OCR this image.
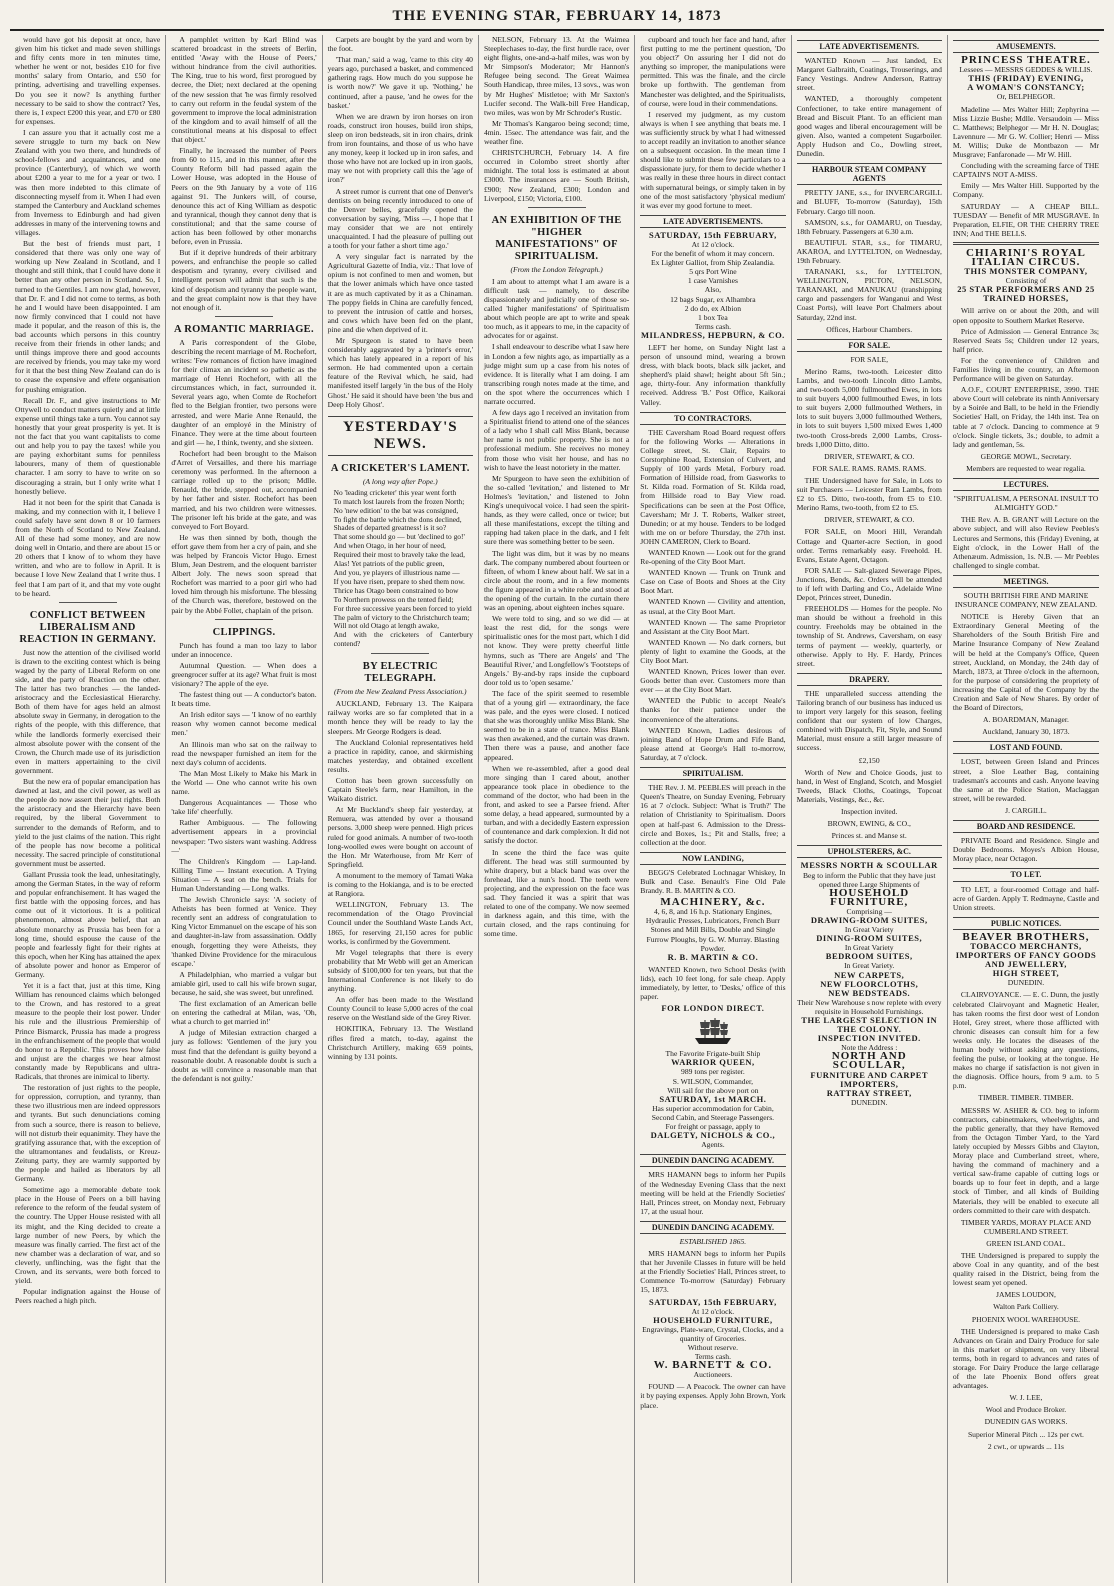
THE EVENING STAR, FEBRUARY 14, 1873

would have got his deposit at once, have given him his ticket and made seven shillings and fifty cents more in ten minutes time, whether he went or not, besides £10 for five months' salary from Ontario, and £50 for printing, advertising and travelling expenses. Do you see it now? Is anything further necessary to be said to show the contract? Yes, there is, I expect £200 this year, and £70 or £80 for expenses.

I can assure you that it actually cost me a severe struggle to turn my back on New Zealand with you two there, and hundreds of school-fellows and acquaintances, and one province (Canterbury), of which we worth about £200 a year to me for a year or two. I was then more indebted to this climate of disconnecting myself from it. When I had even stamped the Canterbury and Auckland schemes from Inverness to Edinburgh and had given addresses in many of the intervening towns and villages.

But the best of friends must part, I considered that there was only one way of working up New Zealand in Scotland, and I thought and still think, that I could have done it better than any other person in Scotland. So, I turned to the Gentiles. I am now glad, however, that Dr. F. and I did not come to terms, as both he and I would have been disappointed. I am now firmly convinced that I could not have made it popular, and the reason of this is, the bad accounts which persons in this country receive from their friends in other lands; and until things improve there and good accounts are received by friends, you may take my word for it that the best thing New Zealand can do is to cease the expensive and effete organisation for pushing emigration.

Recall Dr. F., and give instructions to Mr Ottywell to conduct matters quietly and at little expense until things take a turn. You cannot say honestly that your great prosperity is yet. It is not the fact that you want capitalists to come out and help you to pay the taxes! while you are paying exhorbitant sums for penniless labourers, many of them of questionable character. I am sorry to have to write on so discouraging a strain, but I only write what I honestly believe.

Had it not been for the spirit that Canada is making, and my connection with it, I believe I could safely have sent down 8 or 10 farmers from the North of Scotland to New Zealand. All of these had some money, and are now doing well in Ontario, and there are about 15 or 20 others that I know of to whom they have written, and who are to follow in April. It is because I love New Zealand that I write thus. I feel that I am part of it, and that my vote ought to be heard.

CONFLICT BETWEEN LIBERALISM AND REACTION IN GERMANY.

Just now the attention of the civilised world is drawn to the exciting contest which is being waged by the party of Liberal Reform on one side, and the party of Reaction on the other. The latter has two branches — the landed-aristocracy and the Ecclesiastical Hierarchy. Both of them have for ages held an almost absolute sway in Germany, in derogation to the rights of the people, with this difference, that while the landlords formerly exercised their almost absolute power with the consent of the Crown, the Church made use of its jurisdiction even in matters appertaining to the civil government.

But the new era of popular emancipation has dawned at last, and the civil power, as well as the people do now assert their just rights. Both the aristocracy and the Hierarchy have been required, by the liberal Government to surrender to the demands of Reform, and to yield to the just claims of the nation. This right of the people has now become a political necessity. The sacred principle of constitutional government must be asserted.

Gallant Prussia took the lead, unhesitatingly, among the German States, in the way of reform and popular enfranchisement. It has waged the first battle with the opposing forces, and has come out of it victorious. It is a political phenomenon, almost above belief, that an absolute monarchy as Prussia has been for a long time, should espouse the cause of the people and fearlessly fight for their rights at this epoch, when her King has attained the apex of absolute power and honor as Emperor of Germany.

Yet it is a fact that, just at this time, King William has renounced claims which belonged to the Crown, and has restored to a great measure to the people their lost power. Under his rule and the illustrious Premiership of Prince Bismarck, Prussia has made a progress in the enfranchisement of the people that would do honor to a Republic. This proves how false and unjust are the charges we hear almost constantly made by Republicans and ultra-Radicals, that thrones are inimical to liberty.

The restoration of just rights to the people, for oppression, corruption, and tyranny, than these two illustrious men are indeed oppressors and tyrants. But such denunciations coming from such a source, there is reason to believe, will not disturb their equanimity. They have the gratifying assurance that, with the exception of the ultramontanes and feudalists, or Kreuz-Zeitung party, they are warmly supported by the people and hailed as liberators by all Germany.

Sometime ago a memorable debate took place in the House of Peers on a bill having reference to the reform of the feudal system of the country. The Upper House resisted with all its might, and the King decided to create a large number of new Peers, by which the measure was finally carried. The first act of the new chamber was a declaration of war, and so cleverly, unflinching, was the fight that the Crown, and its servants, were both forced to yield.

Popular indignation against the House of Peers reached a high pitch.

A pamphlet written by Karl Blind was scattered broadcast in the streets of Berlin, entitled 'Away with the House of Peers,' without hindrance from the civil authorities. The King, true to his word, first prorogued by decree, the Diet; next declared at the opening of the new session that 'he was firmly resolved to carry out reform in the feudal system of the government to improve the local administration of the kingdom and to avail himself of all the constitutional means at his disposal to effect that object.'

Finally, he increased the number of Peers from 60 to 115, and in this manner, after the County Reform bill had passed again the Lower House, was adopted in the House of Peers on the 9th January by a vote of 116 against 91. The Junkers will, of course, denounce this act of King William as despotic and tyrannical, though they cannot deny that is constitutional; and that the same course of action has been followed by other monarchs before, even in Prussia.

But if it deprive hundreds of their arbitrary powers, and enfranchise the people so called despotism and tyranny, every civilised and intelligent person will admit that such is the kind of despotism and tyranny the people want, and the great complaint now is that they have not enough of it.

A ROMANTIC MARRIAGE.

A Paris correspondent of the Globe, describing the recent marriage of M. Rochefort, writes: 'Few romances of fiction have imagined for their climax an incident so pathetic as the marriage of Henri Rochefort, with all the circumstances which, in fact, surrounded it. Several years ago, when Comte de Rochefort fled to the Belgian frontier, two persons were arrested, and were Marie Anne Renauld, the daughter of an employé in the Ministry of Finance. They were at the time about fourteen and girl — he, I think, twenty, and she sixteen.

Rochefort had been brought to the Maison d'Arret of Versailles, and there his marriage ceremony was performed. In the afternoon a carriage rolled up to the prison; Mdlle. Renauld, the bride, stepped out, accompanied by her father and sister. Rochefort has been married, and his two children were witnesses. The prisoner left his bride at the gate, and was conveyed to Fort Boyard.

He was then sinned by both, though the effort gave them from her a cry of pain, and she was helped by Francois Victor Hugo. Ernest Blum, Jean Destrem, and the eloquent barrister Albert Joly. The news soon spread that Rochefort was married to a poor girl who had loved him through his misfortune. The blessing of the Church was, therefore, bestowed on the pair by the Abbé Follet, chaplain of the prison.

CLIPPINGS.

Punch has found a man too lazy to labor under an innocence.

Autumnal Question. — When does a greengrocer suffer at its age? What fruit is most visionary? The apple of the eye.

The fastest thing out — A conductor's baton. It beats time.

An Irish editor says — 'I know of no earthly reason why women cannot become medical men.'

An Illinois man who sat on the railway to read the newspaper furnished an item for the next day's column of accidents.

The Man Most Likely to Make his Mark in the World — One who cannot write his own name.

Dangerous Acquaintances — Those who 'take life' cheerfully.

Rather Ambiguous. — The following advertisement appears in a provincial newspaper: 'Two sisters want washing. Address —'

The Children's Kingdom — Lap-land. Killing Time — Instant execution. A Trying Situation — A seat on the bench. Trials for Human Understanding — Long walks.

The Jewish Chronicle says: 'A society of Atheists has been formed at Venice. They recently sent an address of congratulation to King Victor Emmanuel on the escape of his son and daughter-in-law from assassination. Oddly enough, forgetting they were Atheists, they 'thanked Divine Providence for the miraculous escape.'

A Philadelphian, who married a vulgar but amiable girl, used to call his wife brown sugar, because, he said, she was sweet, but unrefined.

The first exclamation of an American belle on entering the cathedral at Milan, was, 'Oh, what a church to get married in!'

A judge of Milesian extraction charged a jury as follows: 'Gentlemen of the jury you must find that the defendant is guilty beyond a reasonable doubt. A reasonable doubt is such a doubt as will convince a reasonable man that the defendant is not guilty.'

Carpets are bought by the yard and worn by the foot.

'That man,' said a wag, 'came to this city 40 years ago, purchased a basket, and commenced gathering rags. How much do you suppose he is worth now?' We gave it up. 'Nothing,' he continued, after a pause, 'and he owes for the basket.'

When we are drawn by iron horses on iron roads, construct iron houses, build iron ships, sleep on iron bedsteads, sit in iron chairs, drink from iron fountains, and those of us who have any money, keep it locked up in iron safes, and those who have not are locked up in iron gaols, may we not with propriety call this the 'age of iron?'

A street rumor is current that one of Denver's dentists on being recently introduced to one of the Denver belles, gracefully opened the conversation by saying, 'Miss —, I hope that I may consider that we are not entirely unacquainted. I had the pleasure of pulling out a tooth for your father a short time ago.'

A very singular fact is narrated by the Agricultural Gazette of India, viz.: That love of opium is not confined to men and women, but that the lower animals which have once tasted it are as much captivated by it as a Chinaman. The poppy fields in China are carefully fenced, to prevent the intrusion of cattle and horses, and cows which have been fed on the plant, pine and die when deprived of it.

Mr Spurgeon is stated to have been considerably aggravated by a 'printer's error,' which has lately appeared in a report of his sermon. He had commented upon a certain feature of the Revival which, he said, had manifested itself largely 'in the bus of the Holy Ghost.' He said it should have been 'the bus and Deep Holy Ghost'.

YESTERDAY'S NEWS.
A CRICKETER'S LAMENT.
(A long way after Pope.)
No 'leading cricketer' this year went forth
To match lost laurels from the frozen North;
No 'new edition' to the bat was consigned,
To fight the battle which the dons declined,
Shades of departed greatness! is it so?
That some should go — but 'declined to go!'
And when Otago, in her hour of need,
Required their most to bravely take the lead,
Alas! Yet patriots of the public green,
And you, ye players of illustrious name —
If you have risen, prepare to shed them now.
Thrice has Otago been constrained to bow
To Northern prowess on the tented field;
For three successive years been forced to yield
The palm of victory to the Christchurch team;
Will not old Otago at length awake,
And with the cricketers of Canterbury contend?
BY ELECTRIC TELEGRAPH.
(From the New Zealand Press Association.)

AUCKLAND, February 13. The Kaipara railway works are so far completed that in a month hence they will be ready to lay the sleepers. Mr George Rodgers is dead.

The Auckland Colonial representatives held a practice in rapidity, canoe, and skirmishing matches yesterday, and obtained excellent results.

Cotton has been grown successfully on Captain Steele's farm, near Hamilton, in the Waikato district.

At Mr Buckland's sheep fair yesterday, at Remuera, was attended by over a thousand persons. 3,000 sheep were penned. High prices ruled for good animals. A number of two-tooth long-woolled ewes were bought on account of the Hon. Mr Waterhouse, from Mr Kerr of Springfield.

A monument to the memory of Tamati Waka is coming to the Hokianga, and is to be erected at Rangiora.

WELLINGTON, February 13. The recommendation of the Otago Provincial Council under the Southland Waste Lands Act, 1865, for reserving 21,150 acres for public works, is confirmed by the Government.

Mr Vogel telegraphs that there is every probability that Mr Webb will get an American subsidy of $100,000 for ten years, but that the International Conference is not likely to do anything.

An offer has been made to the Westland County Council to lease 5,000 acres of the coal reserve on the Westland side of the Grey River.

HOKITIKA, February 13. The Westland rifles fired a match, to-day, against the Christchurch Artillery, making 659 points, winning by 131 points.

NELSON, February 13. At the Waimea Steeplechases to-day, the first hurdle race, over eight flights, one-and-a-half miles, was won by Mr Simpson's Moderator; Mr Hannon's Refugee being second. The Great Waimea South Handicap, three miles, 13 sovs., was won by Mr Hughes' Mistletoe; with Mr Saxton's Lucifer second. The Walk-bill Free Handicap, two miles, was won by Mr Schroder's Rustic.

Mr Thomas's Kangaroo being second; time, 4min. 15sec. The attendance was fair, and the weather fine.

CHRISTCHURCH, February 14. A fire occurred in Colombo street shortly after midnight. The total loss is estimated at about £3000. The insurances are — South British, £900; New Zealand, £300; London and Liverpool, £150; Victoria, £100.

AN EXHIBITION OF THE "HIGHER MANIFESTATIONS" OF SPIRITUALISM.
(From the London Telegraph.)

I am about to attempt what I am aware is a difficult task — namely, to describe dispassionately and judicially one of those so-called 'higher manifestations' of Spiritualism about which people are apt to write and speak too much, as it appears to me, in the capacity of advocates for or against.

I shall endeavour to describe what I saw here in London a few nights ago, as impartially as a judge might sum up a case from his notes of evidence. It is literally what I am doing. I am transcribing rough notes made at the time, and on the spot where the occurrences which I narrate occurred.

A few days ago I received an invitation from a Spiritualist friend to attend one of the séances of a lady who I shall call Miss Blank, because her name is not public property. She is not a professional medium. She receives no money from those who visit her house, and has no wish to have the least notoriety in the matter.

Mr Spurgeon to have seen the exhibition of the so-called 'levitation,' and listened to Mr Holmes's 'levitation,' and listened to John King's unequivocal voice. I had seen the spirit-hands, as they were called, once or twice; but all these manifestations, except the tilting and rapping had taken place in the dark, and I felt sure there was something better to be seen.

The light was dim, but it was by no means dark. The company numbered about fourteen or fifteen, of whom I knew about half. We sat in a circle about the room, and in a few moments the figure appeared in a white robe and stood at the opening of the curtain. In the curtain there was an opening, about eighteen inches square.

We were told to sing, and so we did — at least the rest did, for the songs were spiritualistic ones for the most part, which I did not know. They were pretty cheerful little hymns, such as 'There are Angels' and 'The Beautiful River,' and Longfellow's 'Footsteps of Angels.' By-and-by raps inside the cupboard door told us to 'open sesame.'

The face of the spirit seemed to resemble that of a young girl — extraordinary, the face was pale, and the eyes were closed. I noticed that she was thoroughly unlike Miss Blank. She seemed to be in a state of trance. Miss Blank was then awakened, and the curtain was drawn. Then there was a pause, and another face appeared.

When we re-assembled, after a good deal more singing than I cared about, another appearance took place in obedience to the command of the doctor, who had been in the front, and asked to see a Parsee friend. After some delay, a head appeared, surmounted by a turban, and with a decidedly Eastern expression of countenance and dark complexion. It did not satisfy the doctor.

In scene the third the face was quite different. The head was still surmounted by white drapery, but a black band was over the forehead, like a nun's hood. The teeth were projecting, and the expression on the face was sad. They fancied it was a spirit that was related to one of the company. We now seemed in darkness again, and this time, with the curtain closed, and the raps continuing for some time.

cupboard and touch her face and hand, after first putting to me the pertinent question, 'Do you object?' On assuring her I did not do anything so improper, the manipulations were permitted. This was the finale, and the circle broke up forthwith. The gentleman from Manchester was delighted, and the Spiritualists, of course, were loud in their commendations.

I reserved my judgment, as my custom always is when I see anything that beats me. I was sufficiently struck by what I had witnessed to accept readily an invitation to another séance on a subsequent occasion. In the mean time I should like to submit these few particulars to a dispassionate jury, for them to decide whether I was really in these three hours in direct contact with supernatural beings, or simply taken in by one of the most satisfactory 'physical medium' it was ever my good fortune to meet.

LATE ADVERTISEMENTS.
SATURDAY, 15th FEBRUARY,
At 12 o'clock.
For the benefit of whom it may concern.
Ex Lighter Galliot, from Ship Zealandia.
5 qrs Port Wine
1 case Varnishes
Also,
12 bags Sugar, ex Alhambra
2 do do, ex Albion
1 box Tea
Terms cash.
MILANDRESS, HEPBURN, & CO.

LEFT her home, on Sunday Night last a person of unsound mind, wearing a brown dress, with black boots, black silk jacket, and shepherd's plaid shawl; height about 5ft 5in.; age, thirty-four. Any information thankfully received. Address 'B.' Post Office, Kaikorai Valley.

TO CONTRACTORS.

THE Caversham Road Board request offers for the following Works — Alterations in College street, St. Clair, Repairs to Corstorphine Road, Extension of Culvert, and Supply of 100 yards Metal, Forbury road. Formation of Hillside road, from Gasworks to St. Kilda road. Formation of St. Kilda road, from Hillside road to Bay View road. Specifications can be seen at the Post Office, Caversham; Mr J. T. Roberts, Walker street, Dunedin; or at my house. Tenders to be lodged with me on or before Thursday, the 27th inst. JOHN CAMERON, Clerk to Board.

WANTED Known — Look out for the grand Re-opening of the City Boot Mart.

WANTED Known — Trunk on Trunk and Case on Case of Boots and Shoes at the City Boot Mart.

WANTED Known — Civility and attention, as usual, at the City Boot Mart.

WANTED Known — The same Proprietor and Assistant at the City Boot Mart.

WANTED Known — No dark corners, but plenty of light to examine the Goods, at the City Boot Mart.

WANTED Known, Prices lower than ever. Goods better than ever. Customers more than ever — at the City Boot Mart.

WANTED the Public to accept Neale's thanks for their patience under the inconvenience of the alterations.

WANTED Known, Ladies desirous of joining Band of Hope Drum and Fife Band, please attend at George's Hall to-morrow, Saturday, at 7 o'clock.

SPIRITUALISM.

THE Rev. J. M. PEEBLES will preach in the Queen's Theatre, on Sunday Evening, February 16 at 7 o'clock. Subject: 'What is Truth?' The relation of Christianity to Spiritualism. Doors open at half-past 6. Admission to the Dress-circle and Boxes, 1s.; Pit and Stalls, free; a collection at the door.

NOW LANDING,

BEGG'S Celebrated Lochnagar Whiskey, In Bulk and Case. Benault's Fine Old Pale Brandy. R. B. MARTIN & CO.

MACHINERY, &c.
4, 6, 8, and 16 h.p. Stationary Engines, Hydraulic Presses, Lubricators, French Burr Stones and Mill Bills, Double and Single Furrow Ploughs, by G. W. Murray. Blasting Powder.
R. B. MARTIN & CO.

WANTED Known, two School Desks (with lids), each 10 feet long, for sale cheap. Apply immediately, by letter, to 'Desks,' office of this paper.

FOR LONDON DIRECT.
The Favorite Frigate-built Ship
WARRIOR QUEEN,
989 tons per register.
S. WILSON, Commander,
Will sail for the above port on
SATURDAY, 1st MARCH.
Has superior accommodation for Cabin, Second Cabin, and Steerage Passengers.
For freight or passage, apply to
DALGETY, NICHOLS & CO.,
Agents.
DUNEDIN DANCING ACADEMY.

MRS HAMANN begs to inform her Pupils of the Wednesday Evening Class that the next meeting will be held at the Friendly Societies' Hall, Princes street, on Monday next, February 17, at the usual hour.

DUNEDIN DANCING ACADEMY.
ESTABLISHED 1865.

MRS HAMANN begs to inform her Pupils that her Juvenile Classes in future will be held at the Friendly Societies' Hall, Princes street, to Commence To-morrow (Saturday) February 15, 1873.

SATURDAY, 15th FEBRUARY,
At 12 o'clock.
HOUSEHOLD FURNITURE,
Engravings, Plate-ware, Crystal, Clocks, and a quantity of Groceries.
Without reserve.
Terms cash.
W. BARNETT & CO.
Auctioneers.

FOUND — A Peacock. The owner can have it by paying expenses. Apply John Brown, York place.

LATE ADVERTISEMENTS.

WANTED Known — Just landed, Ex Margaret Galbraith, Coatings, Trouserings, and Fancy Vestings. Andrew Anderson, Rattray street.

WANTED, a thoroughly competent Confectioner, to take entire management of Bread and Biscuit Plant. To an efficient man good wages and liberal encouragement will be given. Also, wanted a competent Sugarboiler. Apply Hudson and Co., Dowling street, Dunedin.

HARBOUR STEAM COMPANY AGENTS

PRETTY JANE, s.s., for INVERCARGILL and BLUFF, To-morrow (Saturday), 15th February. Cargo till noon.

SAMSON, s.s., for OAMARU, on Tuesday, 18th February. Passengers at 6.30 a.m.

BEAUTIFUL STAR, s.s., for TIMARU, AKAROA, and LYTTELTON, on Wednesday, 19th February.

TARANAKI, s.s., for LYTTELTON, WELLINGTON, PICTON, NELSON, TARANAKI, and MANUKAU (transhipping cargo and passengers for Wanganui and West Coast Ports), will leave Port Chalmers about Saturday, 22nd inst.

Offices, Harbour Chambers.
FOR SALE.
FOR SALE,

Merino Rams, two-tooth. Leicester ditto Lambs, and two-tooth Lincoln ditto Lambs, and two-tooth 5,000 fullmouthed Ewes, in lots to suit buyers 4,000 fullmouthed Ewes, in lots to suit buyers 2,000 fullmouthed Wethers, in lots to suit buyers 3,000 fullmouthed Wethers, in lots to suit buyers 1,500 mixed Ewes 1,400 two-tooth Cross-breds 2,000 Lambs, Cross-breds 1,000 Ditto, ditto.

DRIVER, STEWART, & CO.
FOR SALE. RAMS. RAMS. RAMS.

THE Undersigned have for Sale, in Lots to suit Purchasers — Leicester Ram Lambs, from £2 to £5. Ditto, two-tooth, from £5 to £10. Merino Rams, two-tooth, from £2 to £5.

DRIVER, STEWART, & CO.

FOR SALE, on Moori Hill, Verandah Cottage and Quarter-acre Section, in good order. Terms remarkably easy. Freehold. H. Evans, Estate Agent, Octagon.

FOR SALE — Salt-glazed Sewerage Pipes, Junctions, Bends, &c. Orders will be attended to if left with Darling and Co., Adelaide Wine Depot, Princes street, Dunedin.

FREEHOLDS — Homes for the people. No man should be without a freehold in this country. Freeholds may be obtained in the township of St. Andrews, Caversham, on easy terms of payment — weekly, quarterly, or otherwise. Apply to Hy. F. Hardy, Princes street.

DRAPERY.

THE unparalleled success attending the Tailoring branch of our business has induced us to import very largely for this season, feeling confident that our system of low Charges, combined with Dispatch, Fit, Style, and Sound Material, must ensure a still larger measure of success.

£2,150

Worth of New and Choice Goods, just to hand, in West of England, Scotch, and Mosgiel Tweeds, Black Cloths, Coatings, Topcoat Materials, Vestings, &c., &c.

Inspection invited.
BROWN, EWING, & CO.,
Princes st. and Manse st.
UPHOLSTERERS, &C.
MESSRS NORTH & SCOULLAR
Beg to inform the Public that they have just opened three Large Shipments of
HOUSEHOLD FURNITURE,
Comprising —
DRAWING-ROOM SUITES,
In Great Variety
DINING-ROOM SUITES,
In Great Variety
BEDROOM SUITES,
In Great Variety.
NEW CARPETS,
NEW FLOORCLOTHS,
NEW BEDSTEADS.
Their New Warehouse s now replete with every requisite in Household Furnishings.
THE LARGEST SELECTION IN
THE COLONY.
INSPECTION INVITED.
Note the Address :
NORTH AND SCOULLAR,
FURNITURE AND CARPET
IMPORTERS,
RATTRAY STREET,
DUNEDIN.
AMUSEMENTS.
PRINCESS THEATRE.
Lessees — MESSRS GEDDES & WILLIS.
THIS (FRIDAY) EVENING,
A WOMAN'S CONSTANCY;
Or, BELPHEGOR.

Madeline — Mrs Walter Hill; Zephyrina — Miss Lizzie Bushe; Mdlle. Versaudoin — Miss C. Matthews; Belphegor — Mr H. N. Douglas; Lavennure — Mr G. W. Collier; Henri — Miss M. Willis; Duke de Montbazon — Mr Musgrave; Fanfaronade — Mr W. Hill.

Concluding with the screaming farce of THE CAPTAIN'S NOT A-MISS.

Emily — Mrs Walter Hill. Supported by the Company.

SATURDAY — A CHEAP BILL. TUESDAY — Benefit of MR MUSGRAVE. In Preparation, ELFIE, OR THE CHERRY TREE INN; And THE BELLS.

CHIARINI'S ROYAL ITALIAN CIRCUS.
THIS MONSTER COMPANY,
Consisting of
25 STAR PERFORMERS AND 25 TRAINED HORSES,

Will arrive on or about the 20th, and will open opposite to Southern Market Reserve.

Price of Admission — General Entrance 3s; Reserved Seats 5s; Children under 12 years, half price.

For the convenience of Children and Families living in the country, an Afternoon Performance will be given on Saturday.

A.O.F., COURT ENTERPRISE, 3990. THE above Court will celebrate its ninth Anniversary by a Soirée and Ball, to be held in the Friendly Societies' Hall, on Friday, the 14th inst. Tea on table at 7 o'clock. Dancing to commence at 9 o'clock. Single tickets, 3s.; double, to admit a lady and gentleman, 5s.

GEORGE MOWL, Secretary.
Members are requested to wear regalia.
LECTURES.
"SPIRITUALISM, A PERSONAL INSULT TO ALMIGHTY GOD."

THE Rev. A. B. GRANT will Lecture on the above subject, and will also Review Peebles's Lectures and Sermons, this (Friday) Evening, at Eight o'clock, in the Lower Hall of the Athenæum. Admission, 1s. N.B. — Mr Peebles challenged to single combat.

MEETINGS.
SOUTH BRITISH FIRE AND MARINE INSURANCE COMPANY, NEW ZEALAND.

NOTICE is Hereby Given that an Extraordinary General Meeting of the Shareholders of the South British Fire and Marine Insurance Company of New Zealand will be held at the Company's Office, Queen street, Auckland, on Monday, the 24th day of March, 1873, at Three o'clock in the afternoon, for the purpose of considering the propriety of increasing the Capital of the Company by the Creation and Sale of New Shares. By order of the Board of Directors,

A. BOARDMAN, Manager.
Auckland, January 30, 1873.
LOST AND FOUND.

LOST, between Green Island and Princes street, a Sloe Leather Bag, containing tradesman's accounts and cash. Anyone leaving the same at the Police Station, Maclaggan street, will be rewarded.

J. CARGILL.
BOARD AND RESIDENCE.

PRIVATE Board and Residence. Single and Double Bedrooms. Moyes's Albion House, Moray place, near Octagon.

TO LET.

TO LET, a four-roomed Cottage and half-acre of Garden. Apply T. Redmayne, Castle and Union streets.

PUBLIC NOTICES.
BEAVER BROTHERS,
TOBACCO MERCHANTS,
IMPORTERS OF FANCY GOODS AND JEWELLERY,
HIGH STREET,
DUNEDIN.

CLAIRVOYANCE. — E. C. Dunn, the justly celebrated Clairvoyant and Magnetic Healer, has taken rooms the first door west of London Hotel, Grey street, where those afflicted with chronic diseases can consult him for a few weeks only. He locates the diseases of the human body without asking any questions, feeling the pulse, or looking at the tongue. He makes no charge if satisfaction is not given in the diagnosis. Office hours, from 9 a.m. to 5 p.m.

TIMBER. TIMBER. TIMBER.

MESSRS W. ASHER & CO. beg to inform contractors, cabinetmakers, wheelwrights, and the public generally, that they have Removed from the Octagon Timber Yard, to the Yard lately occupied by Messrs Gibbs and Clayton, Moray place and Cumberland street, where, having the command of machinery and a vertical saw-frame capable of cutting logs or boards up to four feet in depth, and a large stock of Timber, and all kinds of Building Materials, they will be enabled to execute all orders committed to their care with despatch.

TIMBER YARDS, MORAY PLACE AND CUMBERLAND STREET.
GREEN ISLAND COAL.

THE Undersigned is prepared to supply the above Coal in any quantity, and of the best quality raised in the District, being from the lowest seam yet opened.

JAMES LOUDON,
Walton Park Colliery.
PHOENIX WOOL WAREHOUSE.

THE Undersigned is prepared to make Cash Advances on Grain and Dairy Produce for sale in this market or shipment, on very liberal terms, both in regard to advances and rates of storage. For Dairy Produce the large cellarage of the late Phoenix Bond offers great advantages.

W. J. LEE,
Wool and Produce Broker.
DUNEDIN GAS WORKS.
Superior Mineral Pitch ... 12s per cwt.
2 cwt., or upwards ... 11s
